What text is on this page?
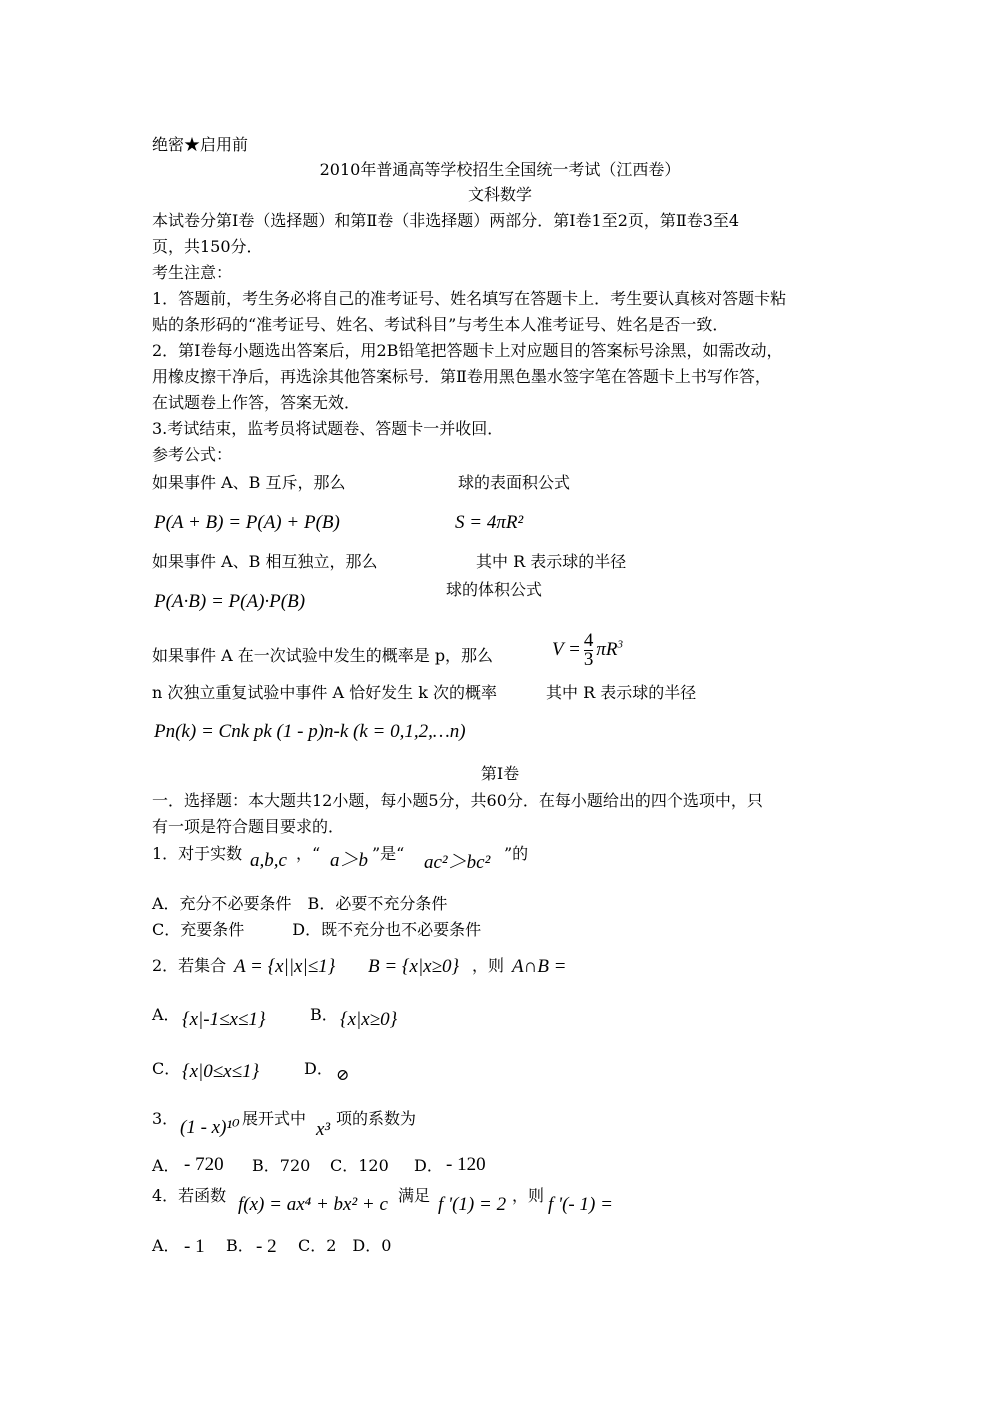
绝密★启用前
2010年普通高等学校招生全国统一考试（江西卷）
文科数学
本试卷分第Ⅰ卷（选择题）和第Ⅱ卷（非选择题）两部分．第Ⅰ卷1至2页，第Ⅱ卷3至4
页，共150分．
考生注意：
1．答题前，考生务必将自己的准考证号、姓名填写在答题卡上．考生要认真核对答题卡粘
贴的条形码的“准考证号、姓名、考试科目”与考生本人准考证号、姓名是否一致．
2．第Ⅰ卷每小题选出答案后，用2B铅笔把答题卡上对应题目的答案标号涂黑，如需改动，
用橡皮擦干净后，再选涂其他答案标号．第Ⅱ卷用黑色墨水签字笔在答题卡上书写作答，
在试题卷上作答，答案无效．
3.考试结束，监考员将试题卷、答题卡一并收回．
参考公式：
如果事件 A、B 互斥，那么	球的表面积公式
P(A + B) = P(A) + P(B)	S = 4πR²
如果事件 A、B 相互独立，那么	其中 R 表示球的半径
球的体积公式
P(A·B) = P(A)·P(B)
如果事件 A 在一次试验中发生的概率是 p，那么	$V = \frac{4}{3} \pi R^3$
n 次独立重复试验中事件 A 恰好发生 k 次的概率	其中 R 表示球的半径
Pn(k) = Cnk pk (1 - p)n-k (k = 0,1,2,…n)
第Ⅰ卷
一．选择题：本大题共12小题，每小题5分，共60分．在每小题给出的四个选项中，只
有一项是符合题目要求的．
1．对于实数 a,b,c ，“ a＞b ”是“ ac²＞bc² ”的
A．充分不必要条件　B．必要不充分条件
C．充要条件　　　D．既不充分也不必要条件
2．若集合 A = {x||x|≤1} B = {x|x≥0} ，则 A∩B =
A． {x|-1≤x≤1}	B． {x|x≥0}
C． {x|0≤x≤1}	D． ⊘
3． (1 - x)¹⁰ 展开式中
x³
项的系数为
A． - 720 B．720 C．120 D． - 120
4．若函数 f(x) = ax⁴ + bx² + c 满足 f '(1) = 2 ，则 f '(- 1) =
A． - 1 B． - 2 C．2　D．0
